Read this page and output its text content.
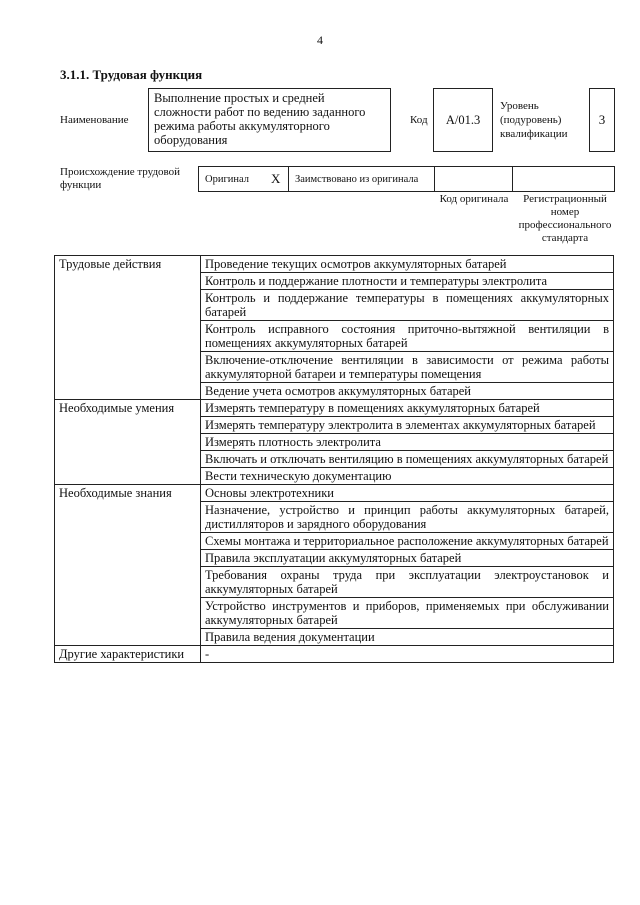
4
3.1.1. Трудовая функция
Наименование
Выполнение простых и средней сложности работ по ведению заданного режима работы аккумуляторного оборудования
Код	А/01.3
Уровень (подуровень) квалификации
3
Происхождение трудовой функции	Оригинал X	Заимствовано из оригинала
Код оригинала	Регистрационный номер профессионального стандарта
Трудовые действия	Проведение текущих осмотров аккумуляторных батарей
	Контроль и поддержание плотности и температуры электролита
	Контроль и поддержание температуры в помещениях аккумуляторных батарей
	Контроль исправного состояния приточно-вытяжной вентиляции в помещениях аккумуляторных батарей
	Включение-отключение вентиляции в зависимости от режима работы аккумуляторной батареи и температуры помещения
	Ведение учета осмотров аккумуляторных батарей
Необходимые умения	Измерять температуру в помещениях аккумуляторных батарей
	Измерять температуру электролита в элементах аккумуляторных батарей
	Измерять плотность электролита
	Включать и отключать вентиляцию в помещениях аккумуляторных батарей
	Вести техническую документацию
Необходимые знания	Основы электротехники
	Назначение, устройство и принцип работы аккумуляторных батарей, дистилляторов и зарядного оборудования
	Схемы монтажа и территориальное расположение аккумуляторных батарей
	Правила эксплуатации аккумуляторных батарей
	Требования охраны труда при эксплуатации электроустановок и аккумуляторных батарей
	Устройство инструментов и приборов, применяемых при обслуживании аккумуляторных батарей
	Правила ведения документации
Другие характеристики	-
